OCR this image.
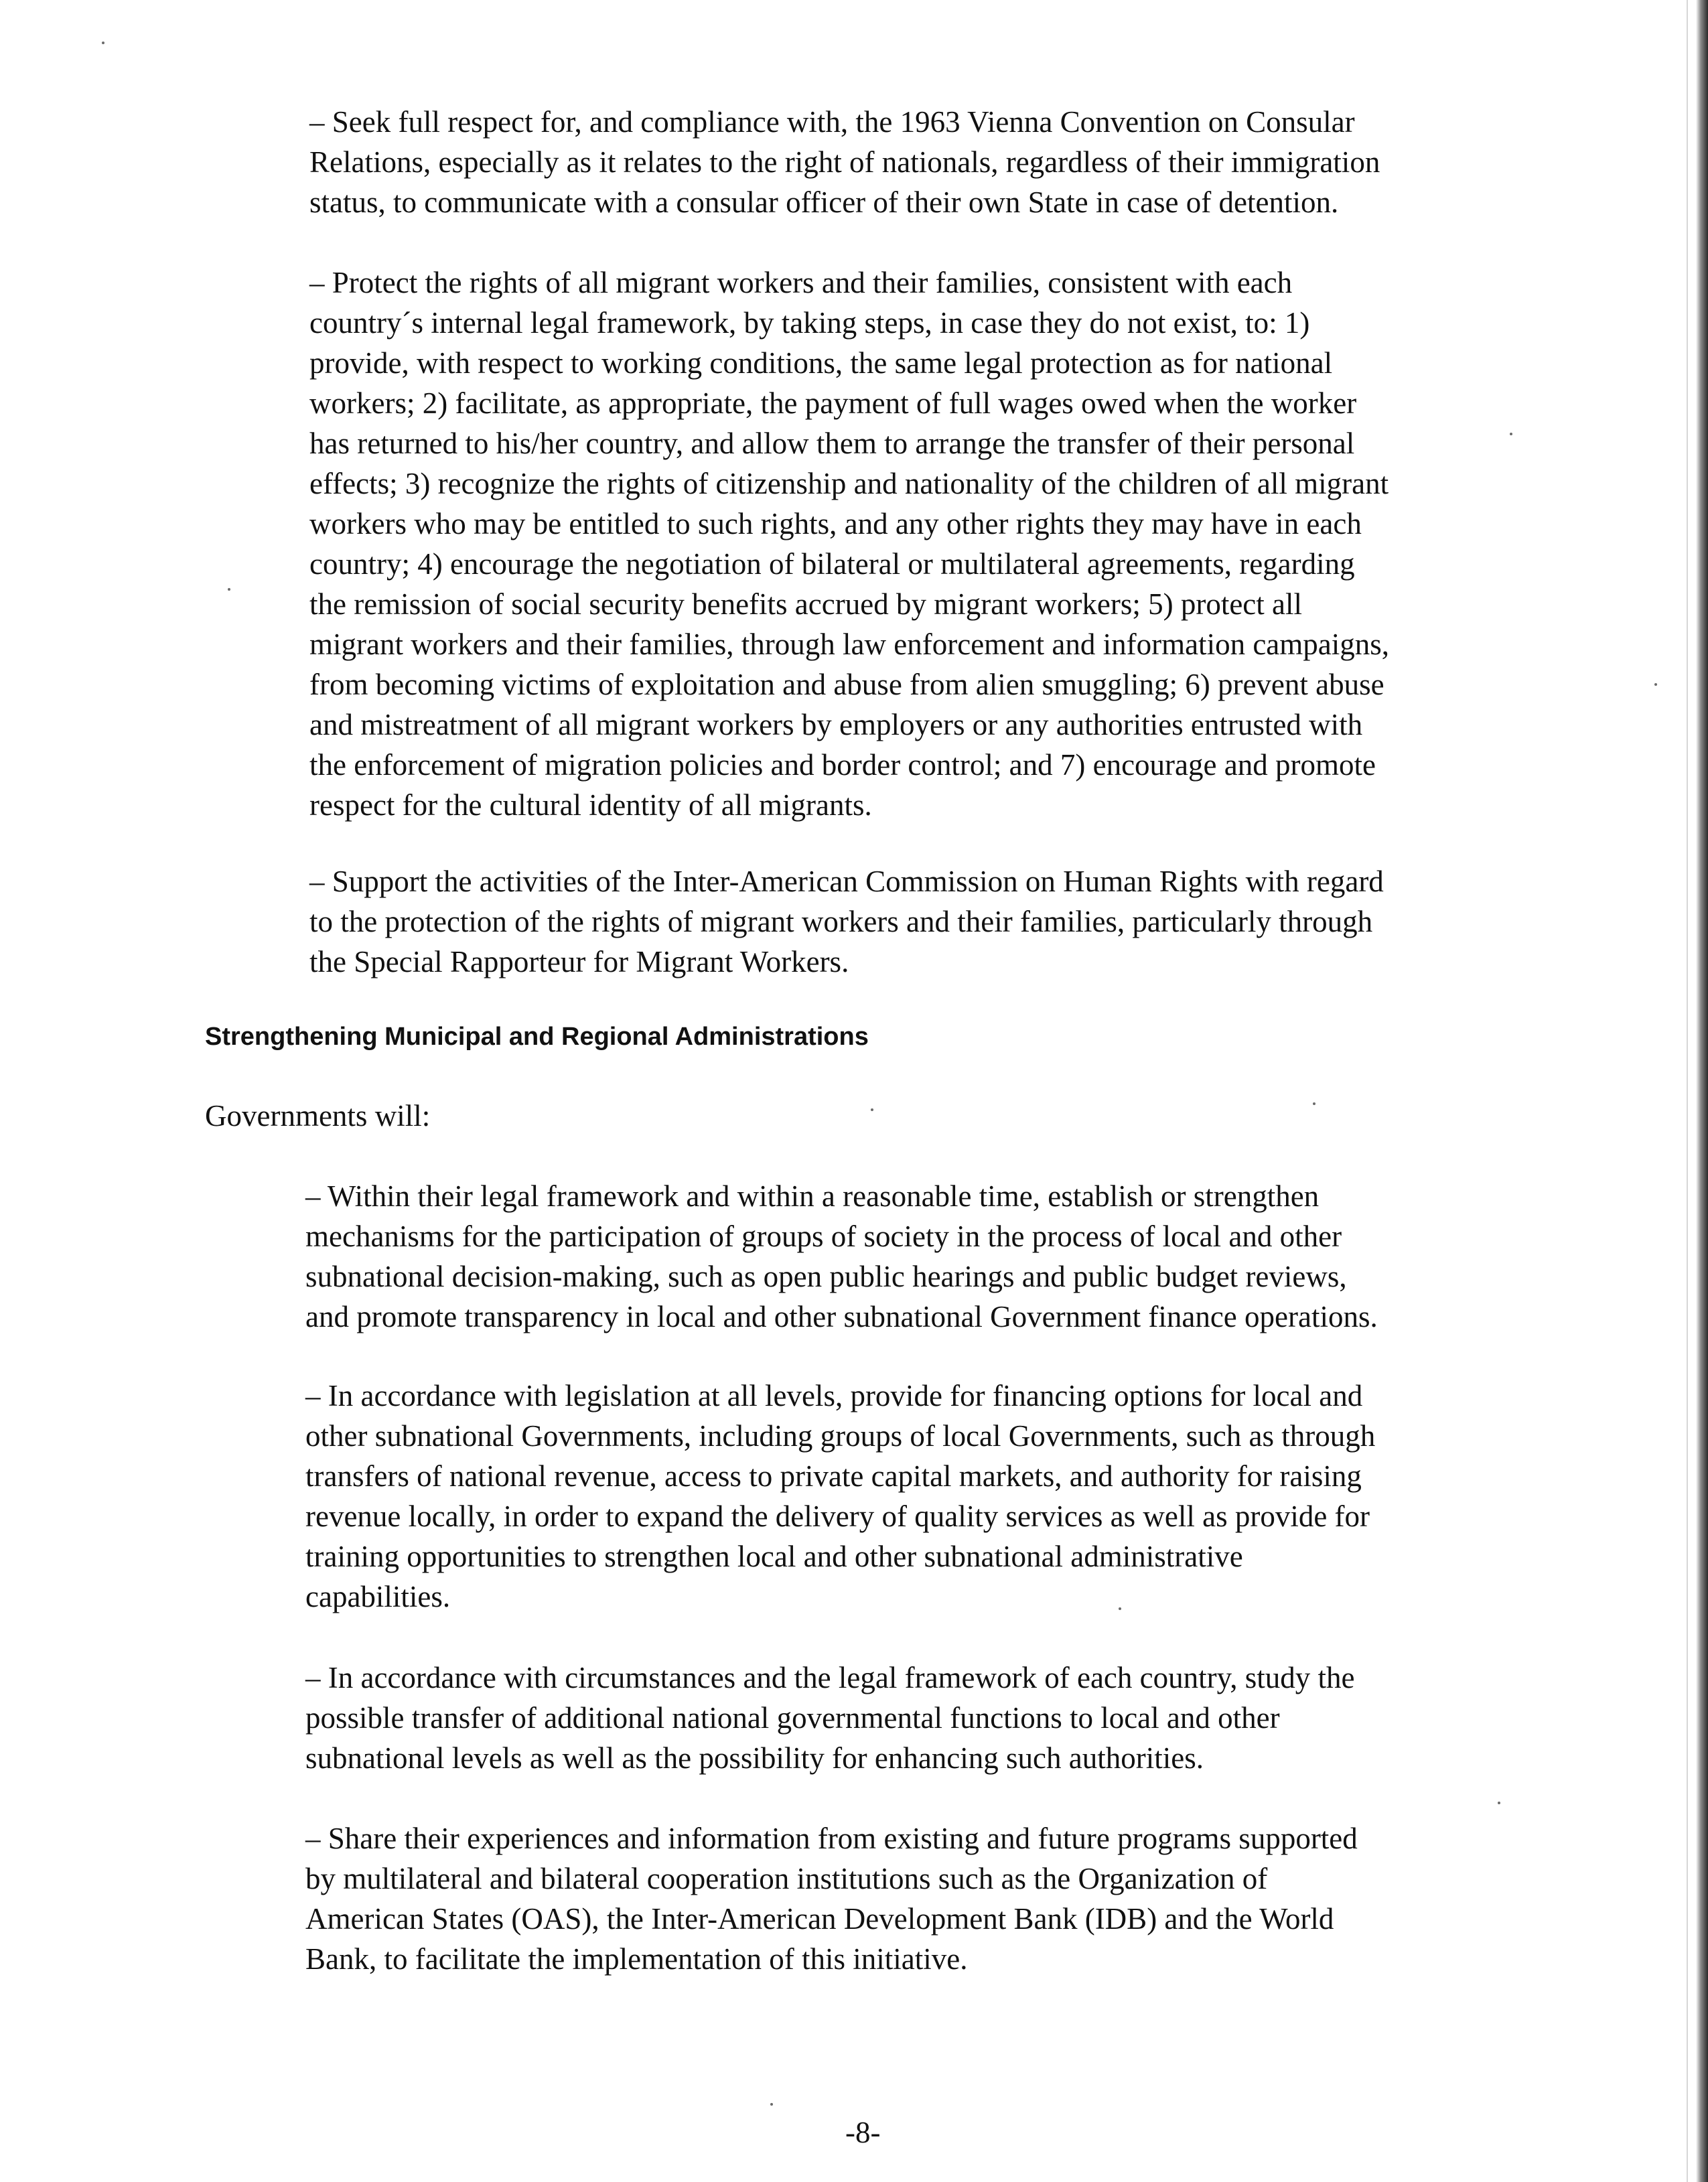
– Seek full respect for, and compliance with, the 1963 Vienna Convention on Consular
Relations, especially as it relates to the right of nationals, regardless of their immigration
status, to communicate with a consular officer of their own State in case of detention.

– Protect the rights of all migrant workers and their families, consistent with each
country´s internal legal framework, by taking steps, in case they do not exist, to: 1)
provide, with respect to working conditions, the same legal protection as for national
workers; 2) facilitate, as appropriate, the payment of full wages owed when the worker
has returned to his/her country, and allow them to arrange the transfer of their personal
effects; 3) recognize the rights of citizenship and nationality of the children of all migrant
workers who may be entitled to such rights, and any other rights they may have in each
country; 4) encourage the negotiation of bilateral or multilateral agreements, regarding
the remission of social security benefits accrued by migrant workers; 5) protect all
migrant workers and their families, through law enforcement and information campaigns,
from becoming victims of exploitation and abuse from alien smuggling; 6) prevent abuse
and mistreatment of all migrant workers by employers or any authorities entrusted with
the enforcement of migration policies and border control; and 7) encourage and promote
respect for the cultural identity of all migrants.

– Support the activities of the Inter-American Commission on Human Rights with regard
to the protection of the rights of migrant workers and their families, particularly through
the Special Rapporteur for Migrant Workers.

Strengthening Municipal and Regional Administrations

Governments will:

– Within their legal framework and within a reasonable time, establish or strengthen
mechanisms for the participation of groups of society in the process of local and other
subnational decision-making, such as open public hearings and public budget reviews,
and promote transparency in local and other subnational Government finance operations.

– In accordance with legislation at all levels, provide for financing options for local and
other subnational Governments, including groups of local Governments, such as through
transfers of national revenue, access to private capital markets, and authority for raising
revenue locally, in order to expand the delivery of quality services as well as provide for
training opportunities to strengthen local and other subnational administrative
capabilities.

– In accordance with circumstances and the legal framework of each country, study the
possible transfer of additional national governmental functions to local and other
subnational levels as well as the possibility for enhancing such authorities.

– Share their experiences and information from existing and future programs supported
by multilateral and bilateral cooperation institutions such as the Organization of
American States (OAS), the Inter-American Development Bank (IDB) and the World
Bank, to facilitate the implementation of this initiative.

-8-
